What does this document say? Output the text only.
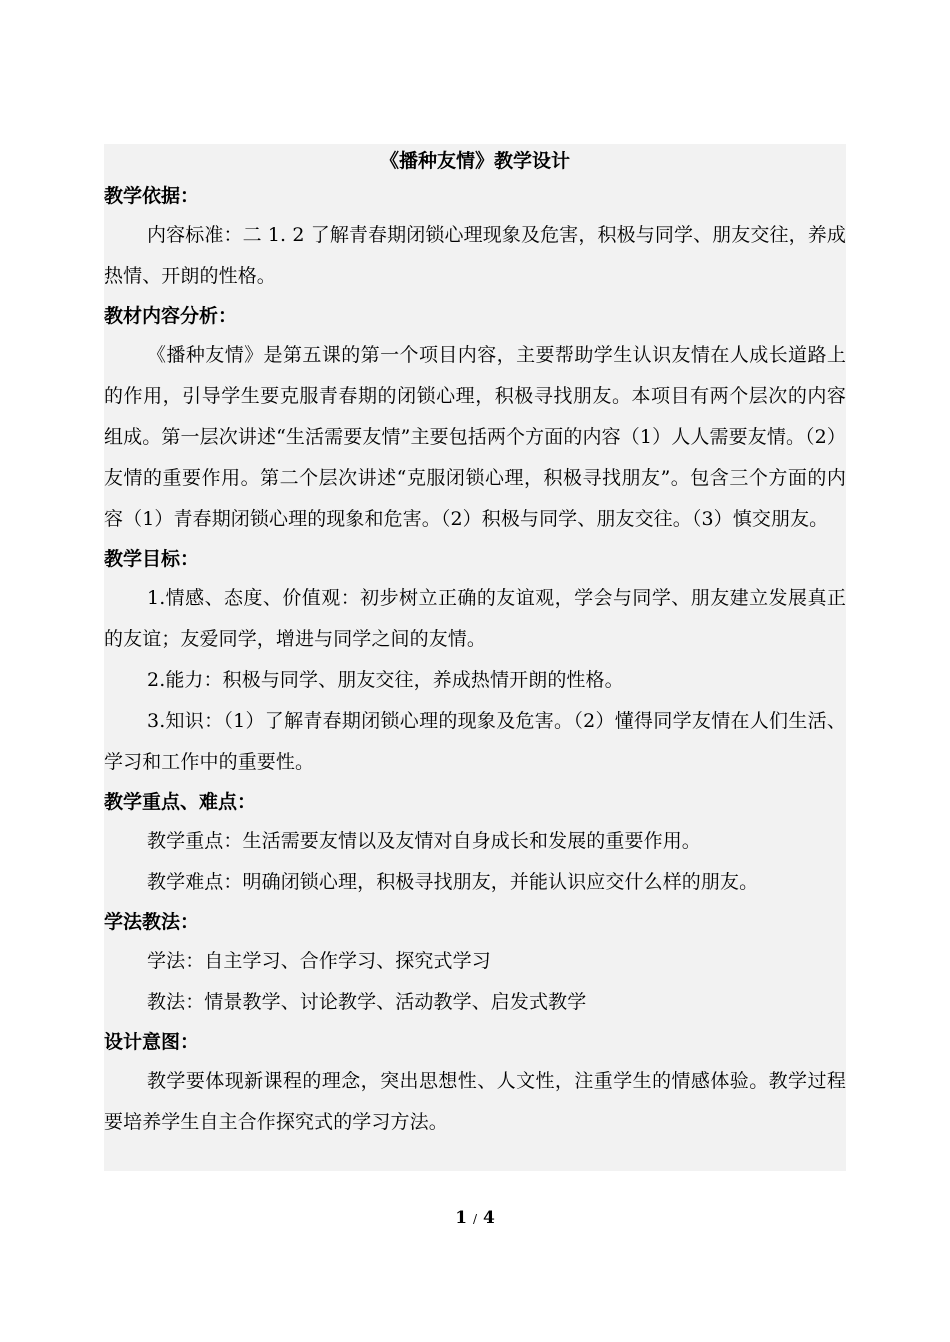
《播种友情》教学设计
教学依据：

内容标准：二 1. 2 了解青春期闭锁心理现象及危害，积极与同学、朋友交往，养成热情、开朗的性格。

教材内容分析：

《播种友情》是第五课的第一个项目内容，主要帮助学生认识友情在人成长道路上的作用，引导学生要克服青春期的闭锁心理，积极寻找朋友。本项目有两个层次的内容组成。第一层次讲述“生活需要友情”主要包括两个方面的内容（1）人人需要友情。（2）友情的重要作用。第二个层次讲述“克服闭锁心理，积极寻找朋友”。包含三个方面的内容（1）青春期闭锁心理的现象和危害。（2）积极与同学、朋友交往。（3）慎交朋友。

教学目标：

1.情感、态度、价值观：初步树立正确的友谊观，学会与同学、朋友建立发展真正的友谊；友爱同学，增进与同学之间的友情。

2.能力：积极与同学、朋友交往，养成热情开朗的性格。

3.知识：（1）了解青春期闭锁心理的现象及危害。（2）懂得同学友情在人们生活、学习和工作中的重要性。

教学重点、难点：

教学重点：生活需要友情以及友情对自身成长和发展的重要作用。

教学难点：明确闭锁心理，积极寻找朋友，并能认识应交什么样的朋友。

学法教法：

学法：自主学习、合作学习、探究式学习

教法：情景教学、讨论教学、活动教学、启发式教学

设计意图：

教学要体现新课程的理念，突出思想性、人文性，注重学生的情感体验。教学过程要培养学生自主合作探究式的学习方法。

1 / 4
